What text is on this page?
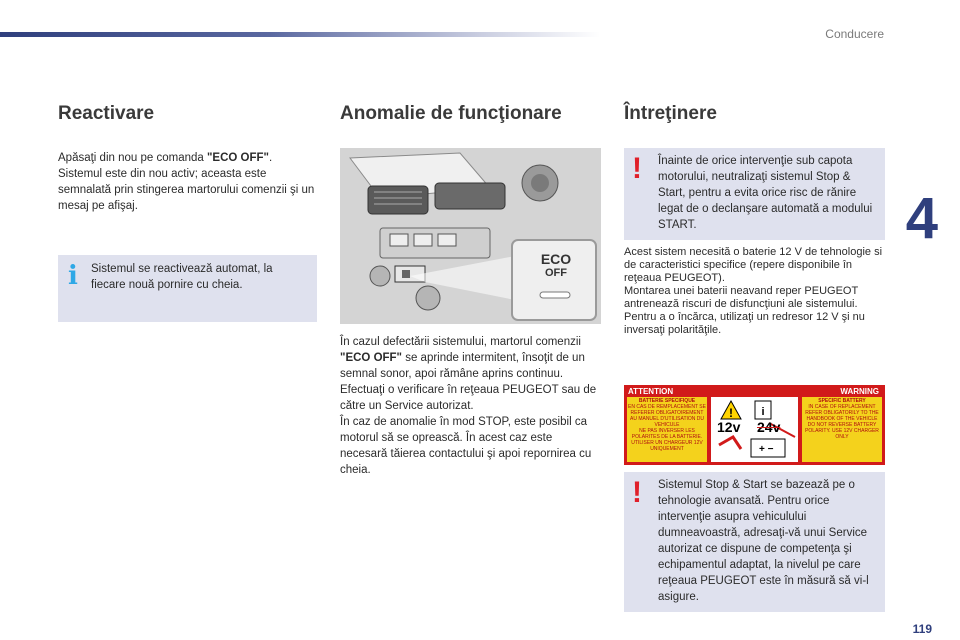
Conducere
4
119
Reactivare

Apăsaţi din nou pe comanda "ECO OFF". Sistemul este din nou activ; aceasta este semnalată prin stingerea martorului comenzii şi un mesaj pe afişaj.

i	Sistemul se reactivează automat, la fiecare nouă pornire cu cheia.

Anomalie de funcţionare
ECO
OFF

În cazul defectării sistemului, martorul comenzii "ECO OFF" se aprinde intermitent, însoţit de un semnal sonor, apoi rămâne aprins continuu. Efectuaţi o verificare în reţeaua PEUGEOT sau de către un Service autorizat.

În caz de anomalie în mod STOP, este posibil ca motorul să se oprească. În acest caz este necesară tăierea contactului şi apoi repornirea cu cheia.

Întreţinere
!	Înainte de orice intervenţie sub capota motorului, neutralizaţi sistemul Stop & Start, pentru a evita orice risc de rănire legat de o declanşare automată a modului START.

Acest sistem necesită o baterie 12 V de tehnologie si de caracteristici specifice (repere disponibile în reţeaua PEUGEOT).
Montarea unei baterii neavand reper PEUGEOT antrenează riscuri de disfuncţiuni ale sistemului.
Pentru a o încărca, utilizaţi un redresor 12 V şi nu inversaţi polarităţile.

ATTENTION	WARNING
BATTERIE SPECIFIQUE
EN CAS DE REMPLACEMENT SE REFERER OBLIGATOIREMENT AU MANUEL D'UTILISATION DU VEHICULE
NE PAS INVERSER LES POLARITES DE LA BATTERIE. UTILISER UN CHARGEUR 12V UNIQUEMENT
!	i
+ −
12v 24v
SPECIFIC BATTERY
IN CASE OF REPLACEMENT REFER OBLIGATORILY TO THE HANDBOOK OF THE VEHICLE
DO NOT REVERSE BATTERY POLARITY. USE 12V CHARGER ONLY
!	Sistemul Stop & Start se bazează pe o tehnologie avansată. Pentru orice intervenţie asupra vehiculului dumneavoastră, adresaţi-vă unui Service autorizat ce dispune de competenţa şi echipamentul adaptat, la nivelul pe care reţeaua PEUGEOT este în măsură să vi-l asigure.
